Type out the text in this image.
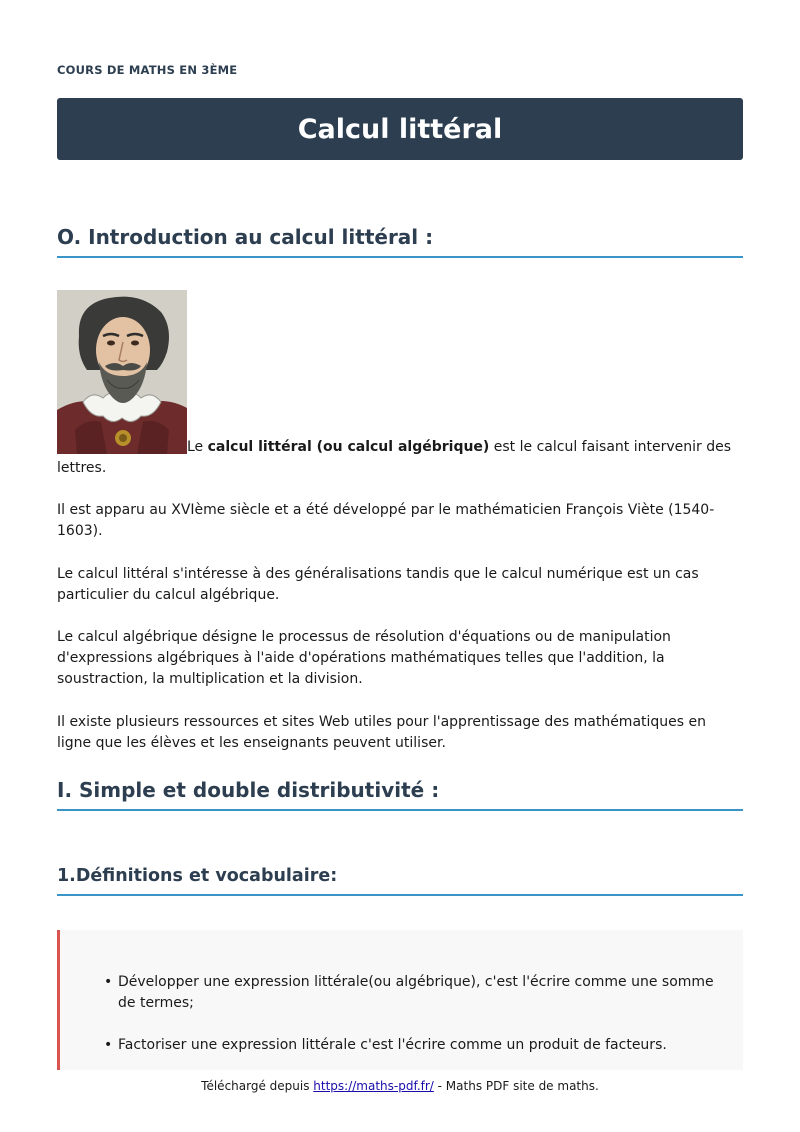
COURS DE MATHS EN 3ÈME
Calcul littéral
O. Introduction au calcul littéral :

Le calcul littéral (ou calcul algébrique) est le calcul faisant intervenir des lettres.

Il est apparu au XVIème siècle et a été développé par le mathématicien François Viète (1540-1603).

Le calcul littéral s'intéresse à des généralisations tandis que le calcul numérique est un cas particulier du calcul algébrique.

Le calcul algébrique désigne le processus de résolution d'équations ou de manipulation d'expressions algébriques à l'aide d'opérations mathématiques telles que l'addition, la soustraction, la multiplication et la division.

Il existe plusieurs ressources et sites Web utiles pour l'apprentissage des mathématiques en ligne que les élèves et les enseignants peuvent utiliser.

I. Simple et double distributivité :
1.Définitions et vocabulaire:
• Développer une expression littérale(ou algébrique), c'est l'écrire comme une somme de termes;
• Factoriser une expression littérale c'est l'écrire comme un produit de facteurs.
Téléchargé depuis https://maths-pdf.fr/ - Maths PDF site de maths.
